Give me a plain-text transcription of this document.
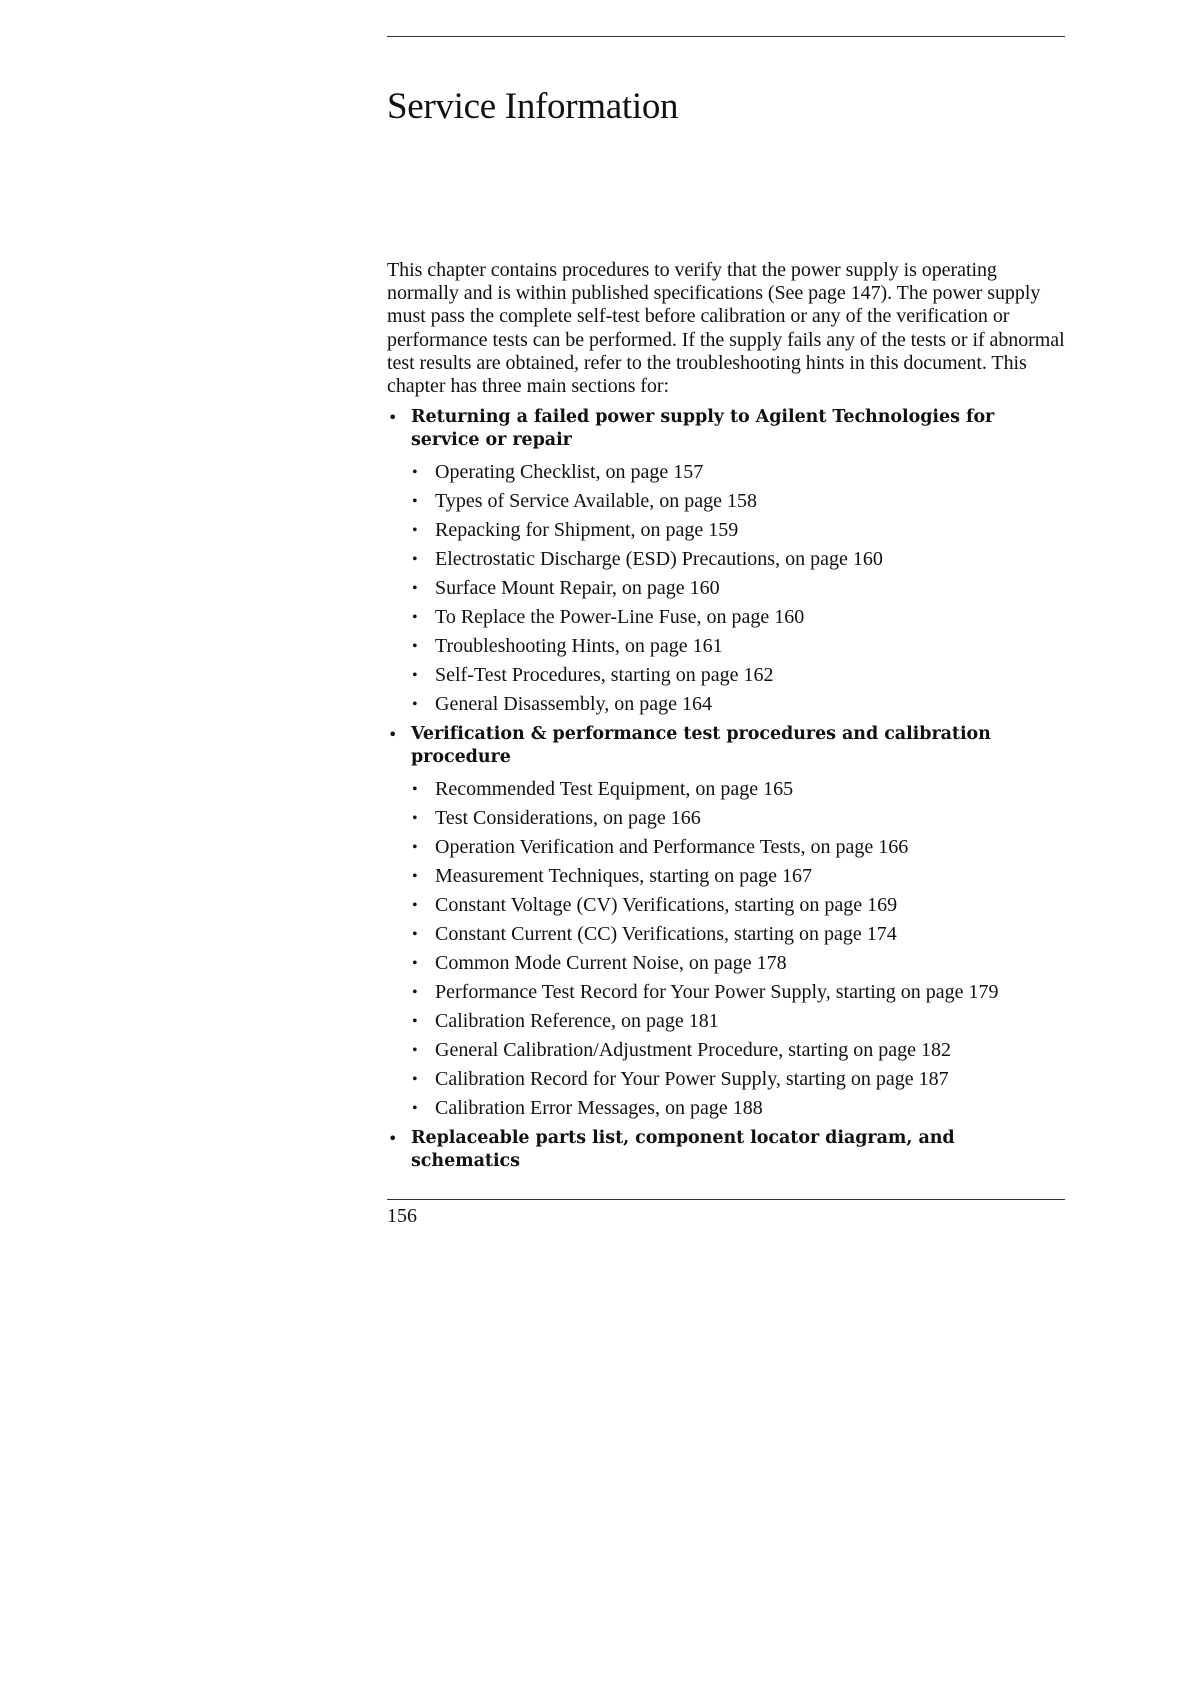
Service Information

This chapter contains procedures to verify that the power supply is operating normally and is within published specifications (See page 147). The power supply must pass the complete self-test before calibration or any of the verification or performance tests can be performed. If the supply fails any of the tests or if abnormal test results are obtained, refer to the troubleshooting hints in this document. This chapter has three main sections for:

• Returning a failed power supply to Agilent Technologies for service or repair
• Operating Checklist, on page 157
• Types of Service Available, on page 158
• Repacking for Shipment, on page 159
• Electrostatic Discharge (ESD) Precautions, on page 160
• Surface Mount Repair, on page 160
• To Replace the Power-Line Fuse, on page 160
• Troubleshooting Hints, on page 161
• Self-Test Procedures, starting on page 162
• General Disassembly, on page 164
• Verification & performance test procedures and calibration procedure
• Recommended Test Equipment, on page 165
• Test Considerations, on page 166
• Operation Verification and Performance Tests, on page 166
• Measurement Techniques, starting on page 167
• Constant Voltage (CV) Verifications, starting on page 169
• Constant Current (CC) Verifications, starting on page 174
• Common Mode Current Noise, on page 178
• Performance Test Record for Your Power Supply, starting on page 179
• Calibration Reference, on page 181
• General Calibration/Adjustment Procedure, starting on page 182
• Calibration Record for Your Power Supply, starting on page 187
• Calibration Error Messages, on page 188
• Replaceable parts list, component locator diagram, and schematics
156
